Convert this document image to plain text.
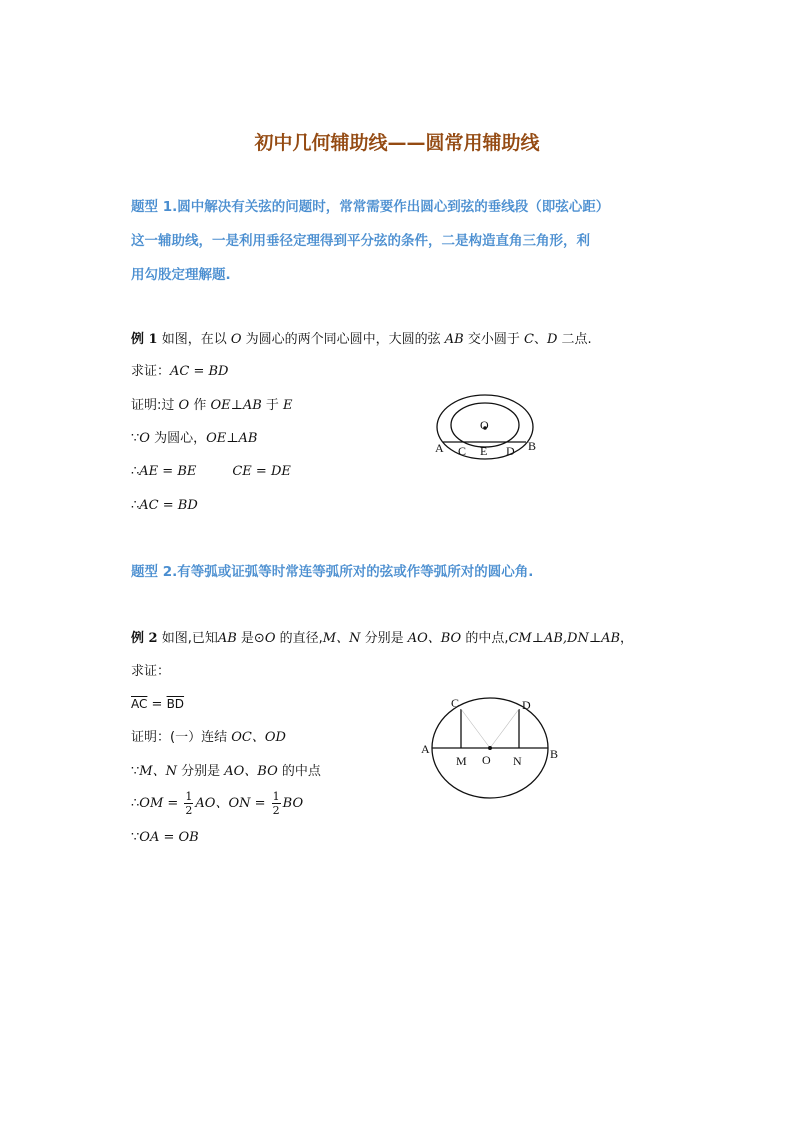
初中几何辅助线——圆常用辅助线
题型 1.圆中解决有关弦的问题时，常常需要作出圆心到弦的垂线段（即弦心距）
这一辅助线，一是利用垂径定理得到平分弦的条件，二是构造直角三角形，利
用勾股定理解题.
例 1 如图，在以 O 为圆心的两个同心圆中，大圆的弦 AB 交小圆于 C、D 二点.
求证：AC = BD
证明:过 O 作 OE⊥AB 于 E
∵O 为圆心，OE⊥AB
∴AE = BE	CE = DE
∴AC = BD
O
A C E D B
题型 2.有等弧或证弧等时常连等弧所对的弦或作等弧所对的圆心角.
例 2 如图,已知AB 是⊙O 的直径,M、N 分别是 AO、BO 的中点,CM⊥AB,DN⊥AB，
求证：
$\overline{AC} = \overline{BD}$
证明：(一）连结 OC、OD
∵M、N 分别是 AO、BO 的中点
∴OM = $\frac{1}{2}$ AO、ON = $\frac{1}{2}$ BO
∵OA = OB
C	D
A	B
M O N
